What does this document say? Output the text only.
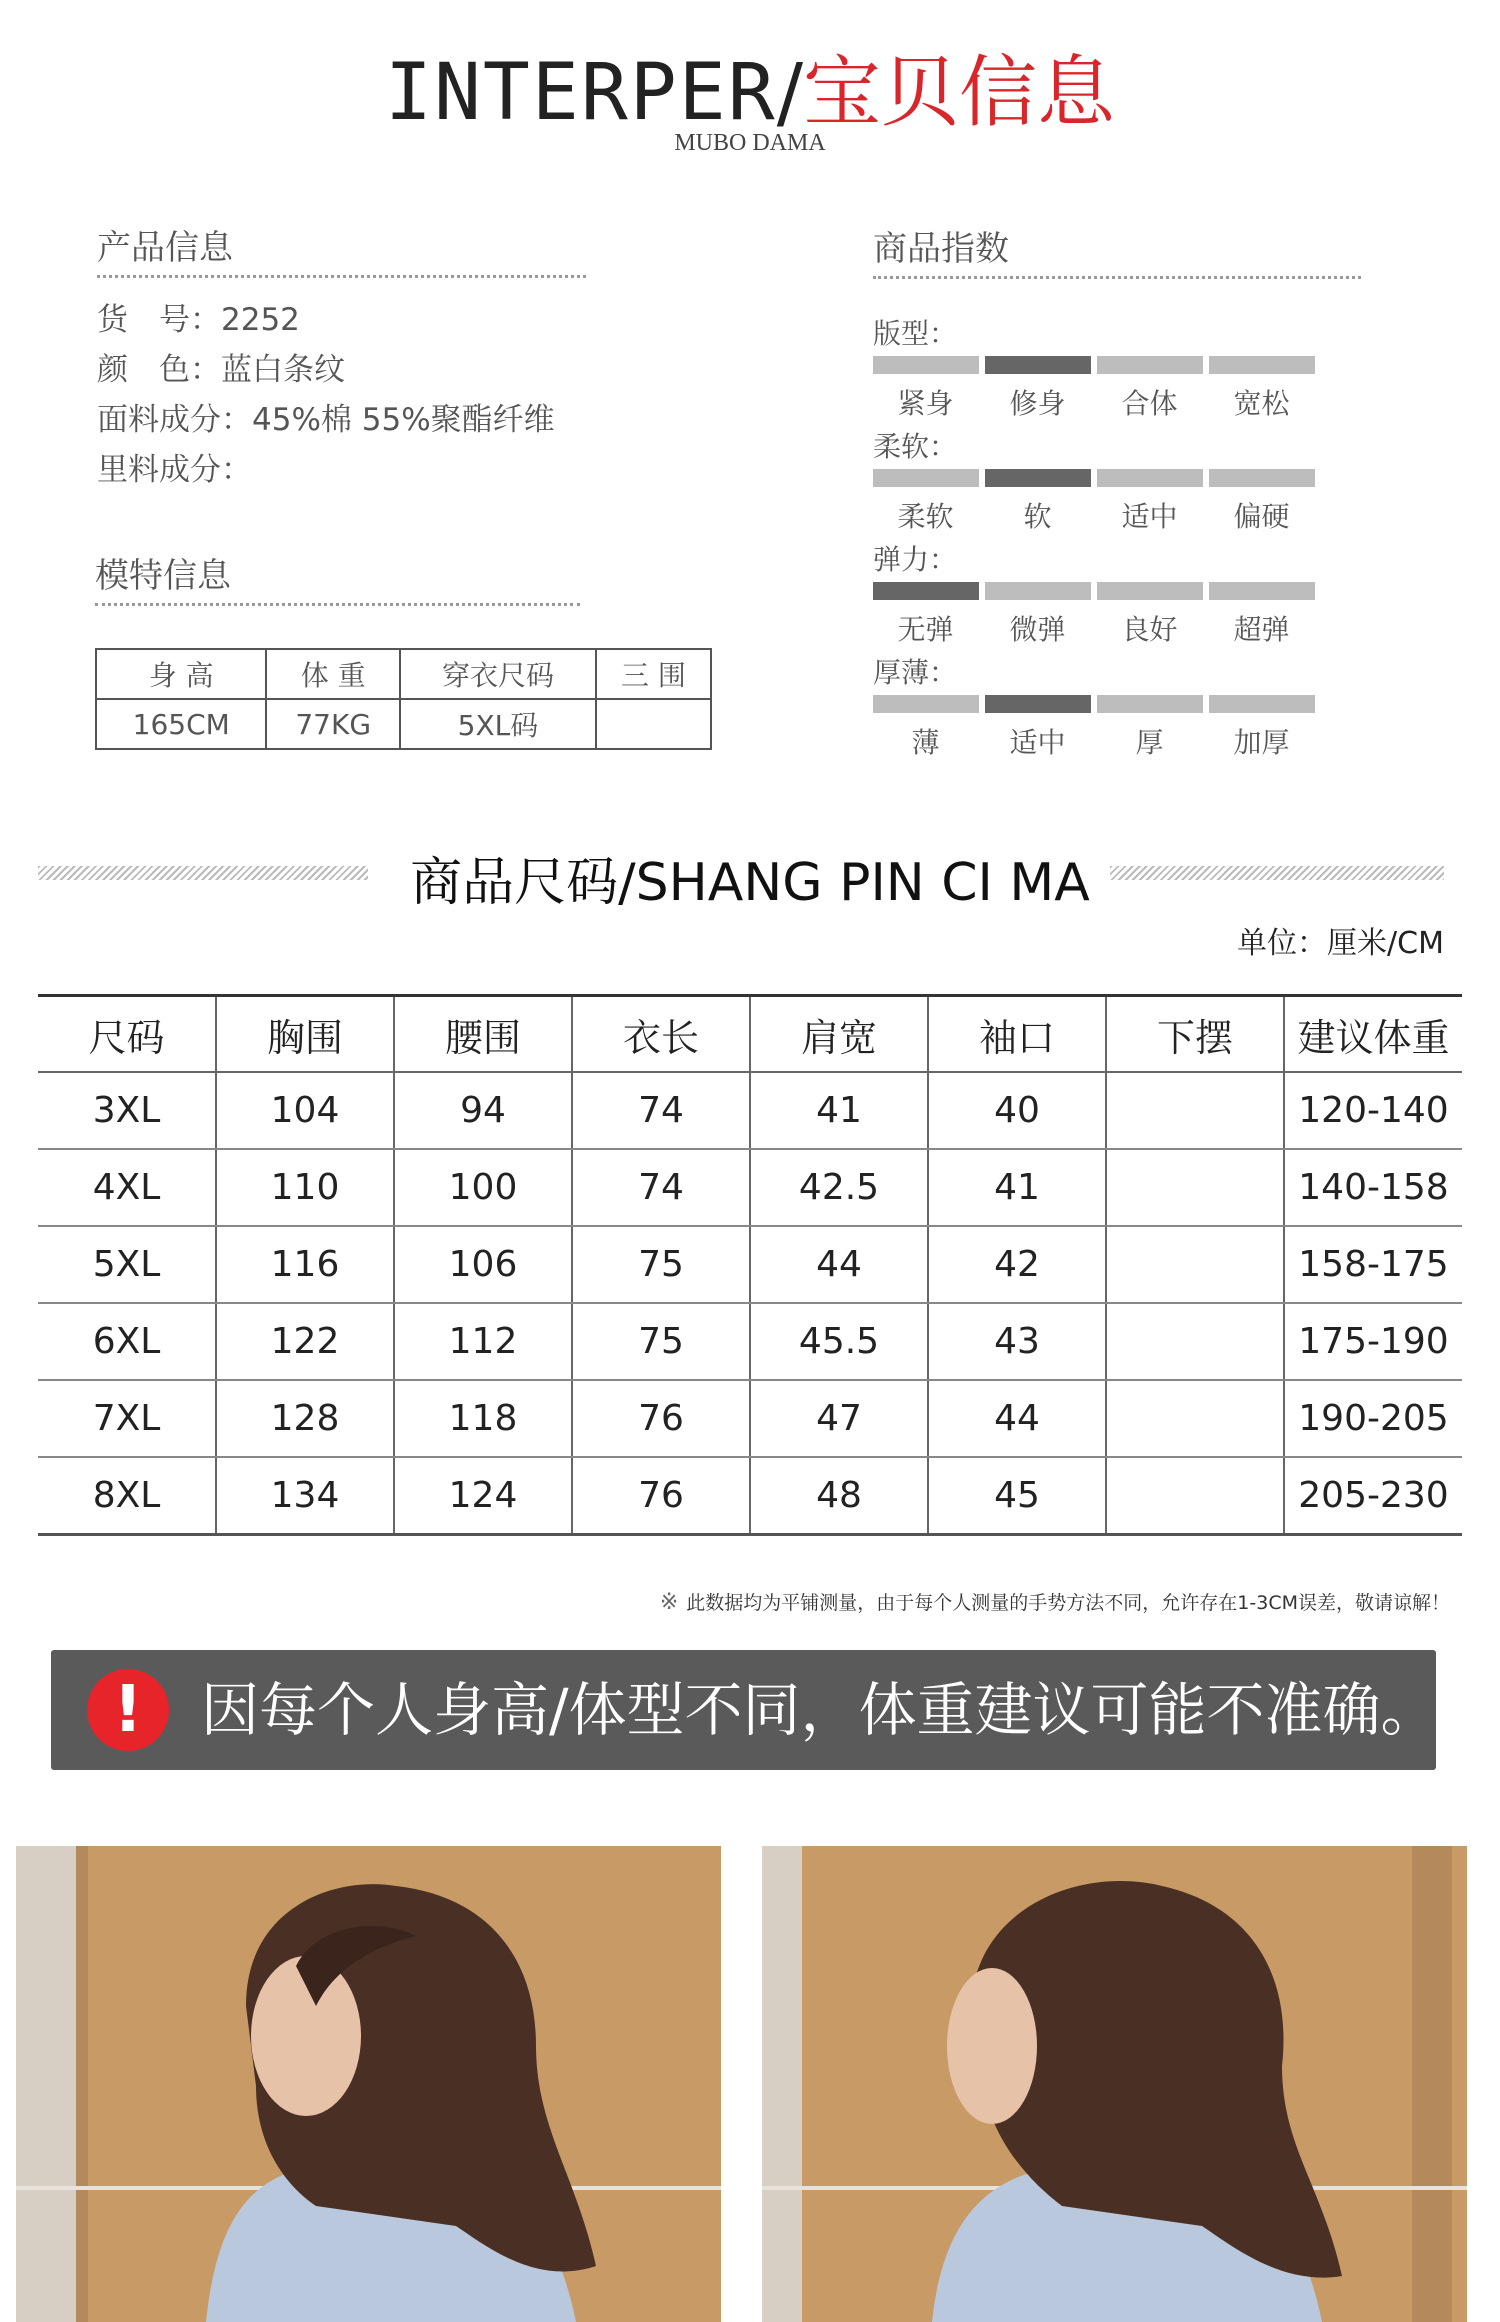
INTERPER/宝贝信息
MUBO DAMA
产品信息
货　号：2252
颜　色：蓝白条纹
面料成分：45%棉 55%聚酯纤维
里料成分：
模特信息
身 高	体 重	穿衣尺码	三 围
165CM	77KG	5XL码	
商品指数
版型：
紧身	修身	合体	宽松
柔软：
柔软	软	适中	偏硬
弹力：
无弹	微弹	良好	超弹
厚薄：
薄	适中	厚	加厚
商品尺码/SHANG PIN CI MA
单位：厘米/CM
尺码	胸围	腰围	衣长	肩宽	袖口	下摆	建议体重
3XL	104	94	74	41	40		120-140
4XL	110	100	74	42.5	41		140-158
5XL	116	106	75	44	42		158-175
6XL	122	112	75	45.5	43		175-190
7XL	128	118	76	47	44		190-205
8XL	134	124	76	48	45		205-230
※ 此数据均为平铺测量，由于每个人测量的手势方法不同，允许存在1-3CM误差，敬请谅解！
!	因每个人身高/体型不同，体重建议可能不准确。
